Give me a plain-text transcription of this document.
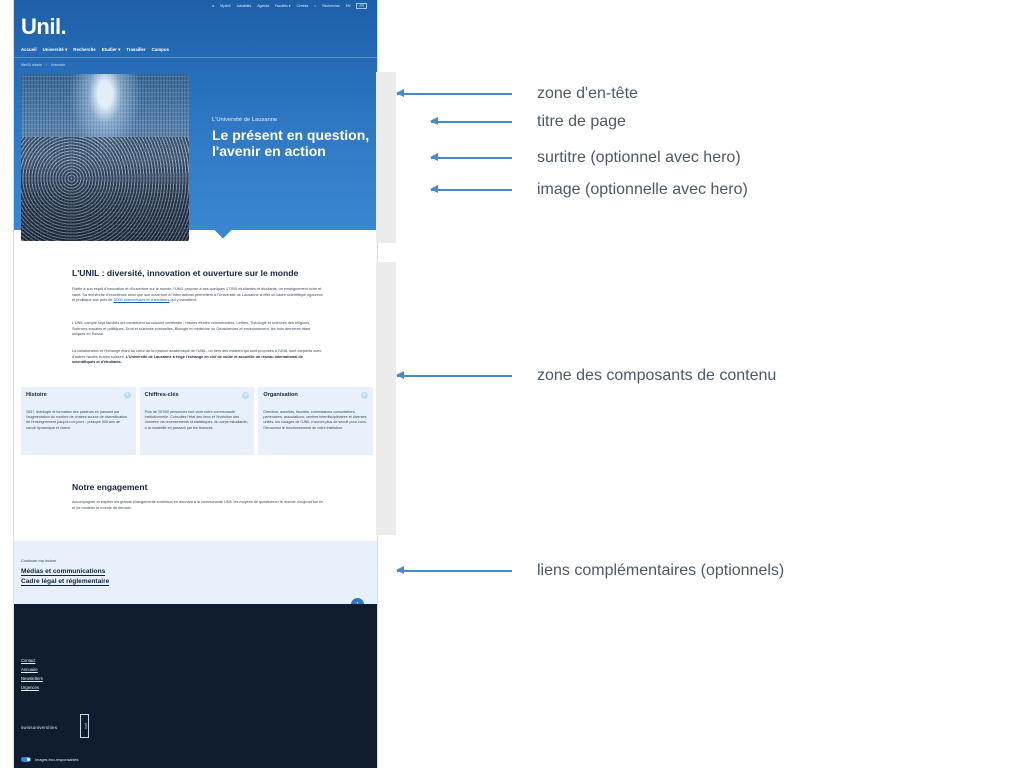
● MyUnil Actualités Agenda Facultés ▾ Centres ⌕ Rechercher EN	FR
Unil.
Accueil Université ▾ Recherche Etudier ▾ Travailler Campus
Web70 refonte / Université
L'Université de Lausanne
Le présent en question, l'avenir en action
L'UNIL : diversité, innovation et ouverture sur le monde
Fidèle à son esprit d'innovation et d'ouverture sur le monde, l'UNIL propose à ses quelques 17'000 étudiantes et étudiants, un enseignement riche et varié. Sa recherche d'excellence ainsi que son ouverture à l'international permettent à l'Université de Lausanne d'offrir un cadre scientifique rigoureux et prolifique aux près de 3'000 chercheuses et chercheurs qui y travaillent.
L'UNIL compte sept facultés qui constituent sa colonne vertébrale : Hautes études commerciales, Lettres, Théologie et sciences des religions, Sciences sociales et politiques, Droit et sciences criminelles, Biologie et médecine ou Géosciences et environnement, les trois dernières étant uniques en Suisse.
La collaboration et l'échange étant au cœur de la mission académique de l'UNIL, un tiers des masters qui sont proposés à l'UNIL sont conjoints avec d'autres hautes écoles suisses. L'Université de Lausanne a érigé l'échange en clef de voûte et accueille un réseau international de scientifiques et d'étudiants.
Histoire	+
1537, théologie et formation des pasteurs en passant par l'augmentation du nombre de chaires source de diversification de l'enseignement jusqu'à nos jours : presque 500 ans de savoir dynamique et vivant.
Chiffres-clés	+
Plus de 20'000 personnes font vivre notre communauté institutionnelle. Consultez l'état des lieux et l'évolution des données via recensements et statistiques, du corps estudiantin, à la durabilité en passant par les finances.
Organisation	+
Direction, autorités, facultés, commissions consultatives, partenaires, associations, centres interdisciplinaires et diverses unités, les rouages de l'UNIL n'auront plus de secret pour vous. Découvrez le fonctionnement de notre institution.
Notre engagement
Accompagner et inspirer les grands changements sociétaux en donnant à la communauté UNIL les moyens de questionner le monde d'aujourd'hui en et de modeler le monde de demain.
Continuer ma lecture
Médias et communications
Cadre légal et réglementaire
Contact
Annuaire
Newsletters
Urgences
swissuniversities	prix
Images éco-responsables
zone d'en-tête
titre de page
surtitre (optionnel avec hero)
image (optionnelle avec hero)
zone des composants de contenu
liens complémentaires (optionnels)
